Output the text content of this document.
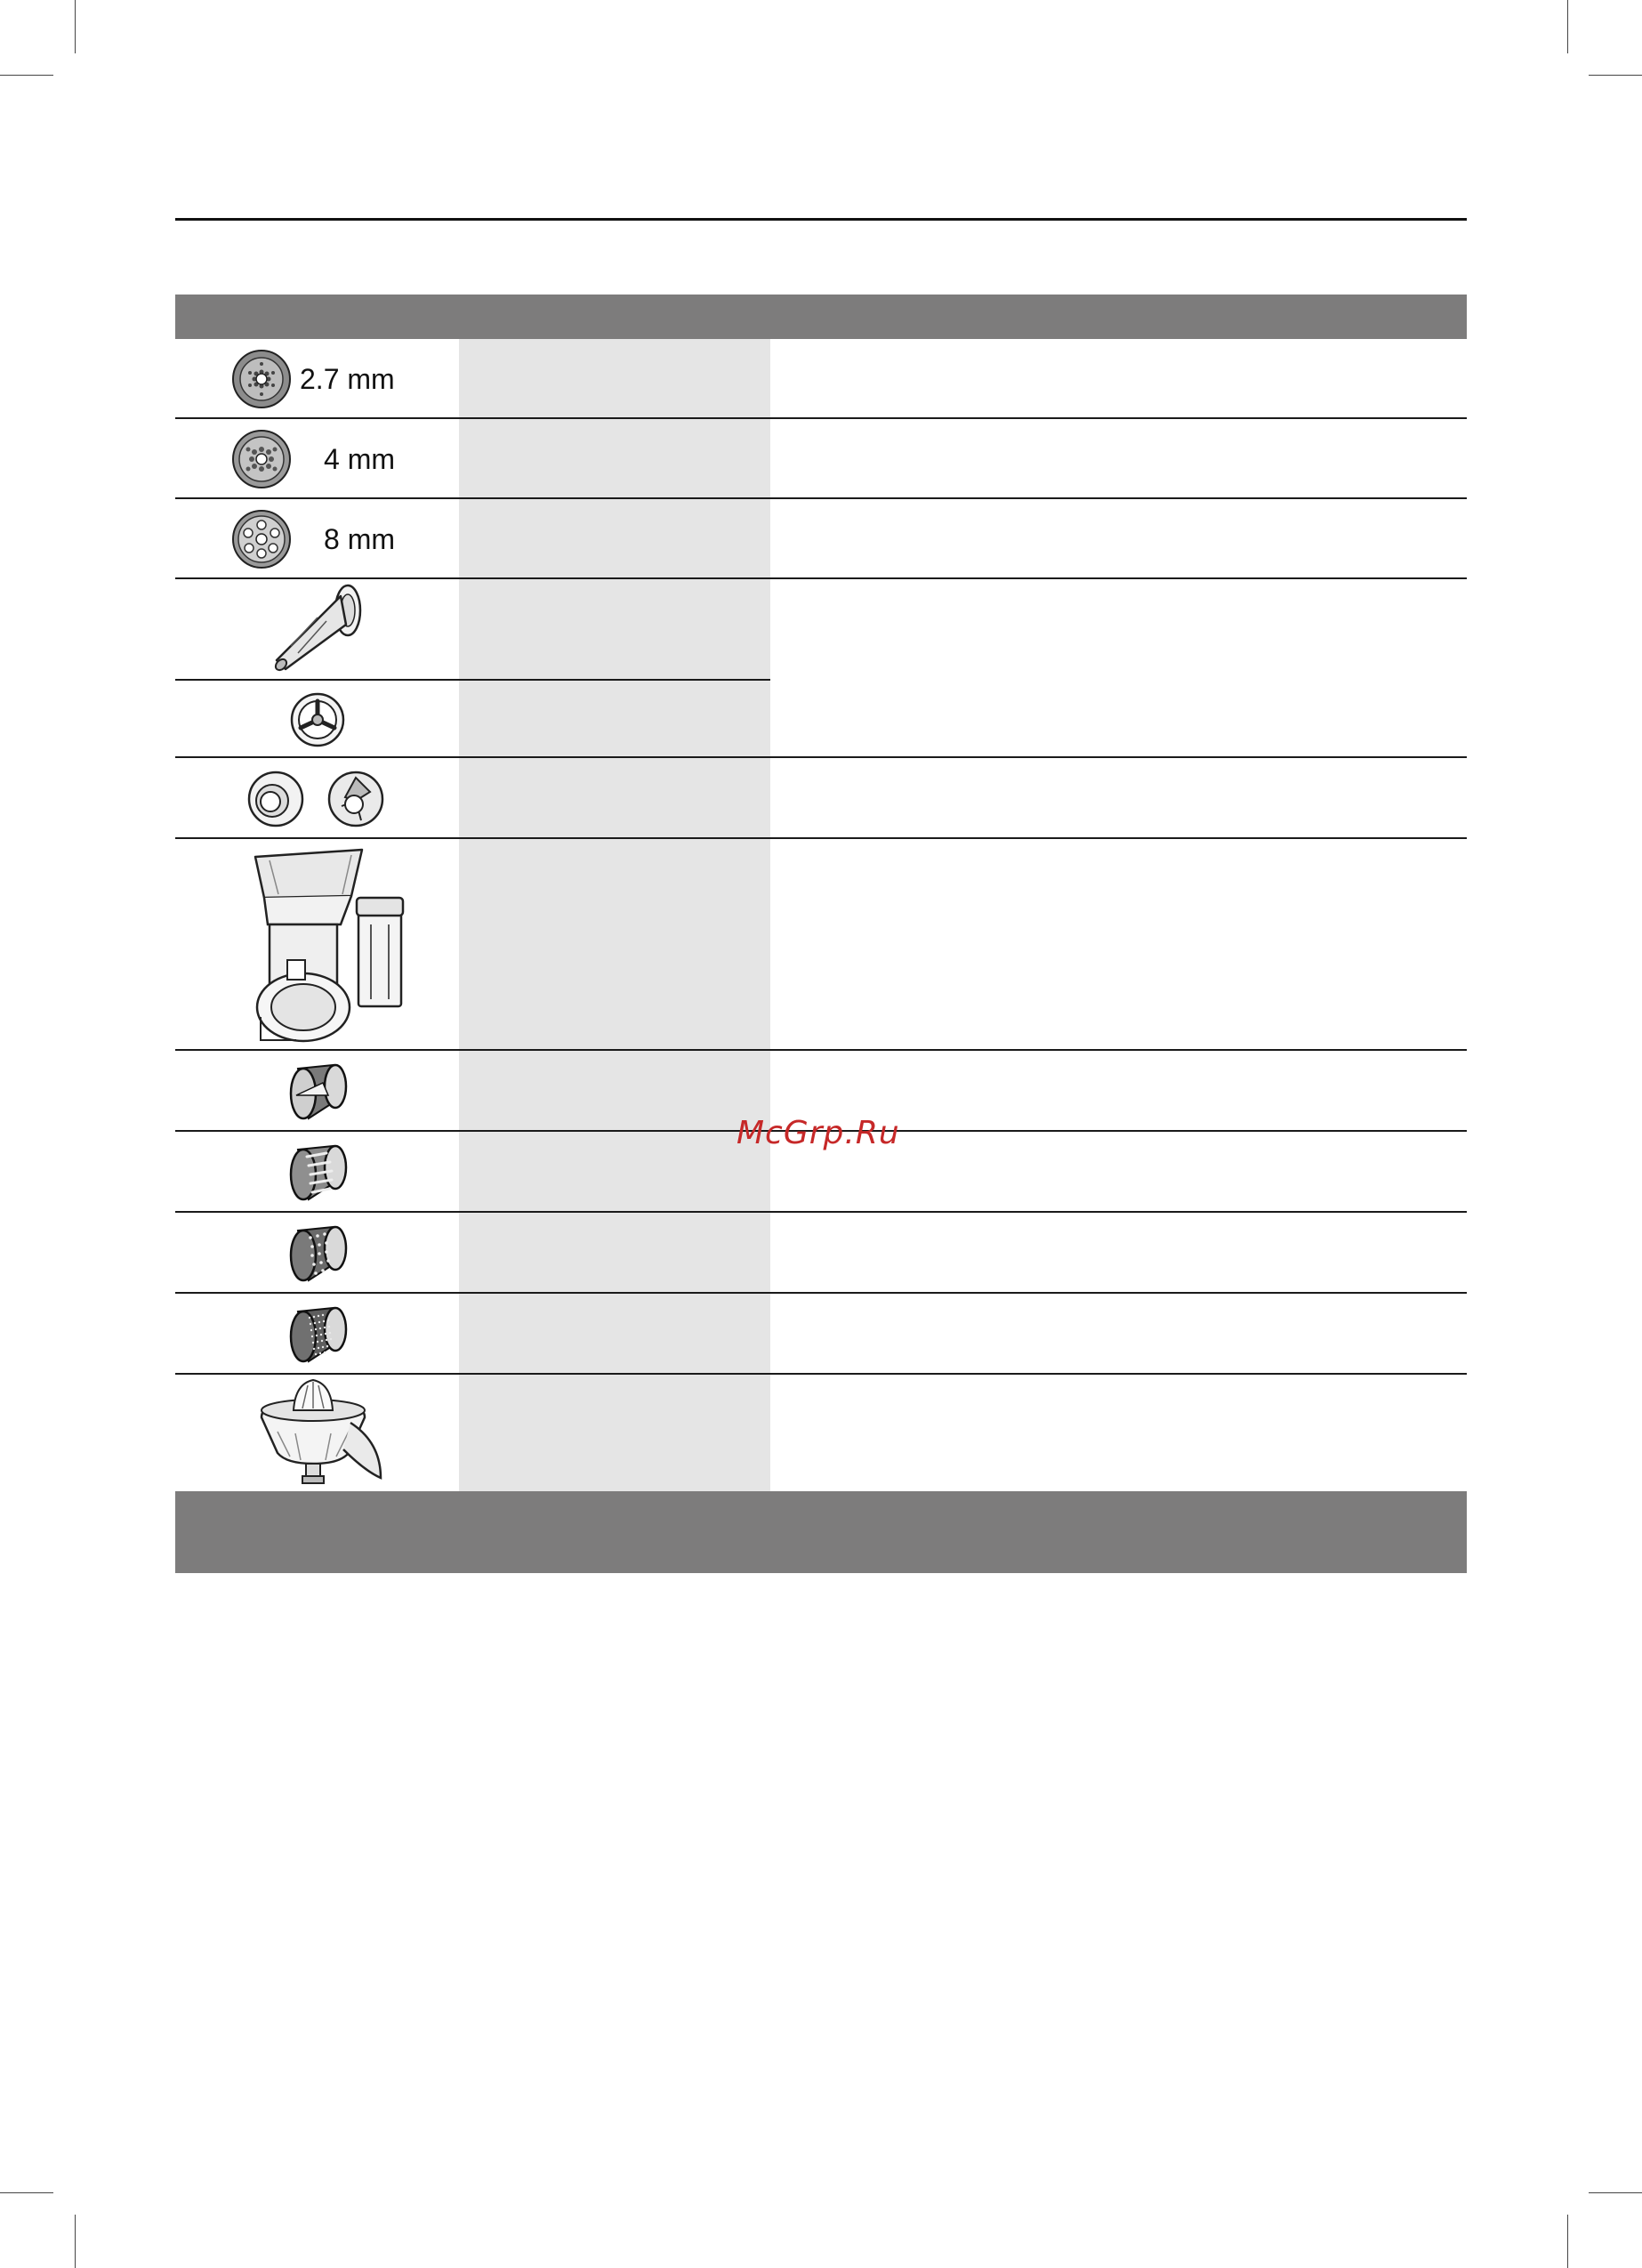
2.7 mm
4 mm
8 mm
McGrp.Ru
